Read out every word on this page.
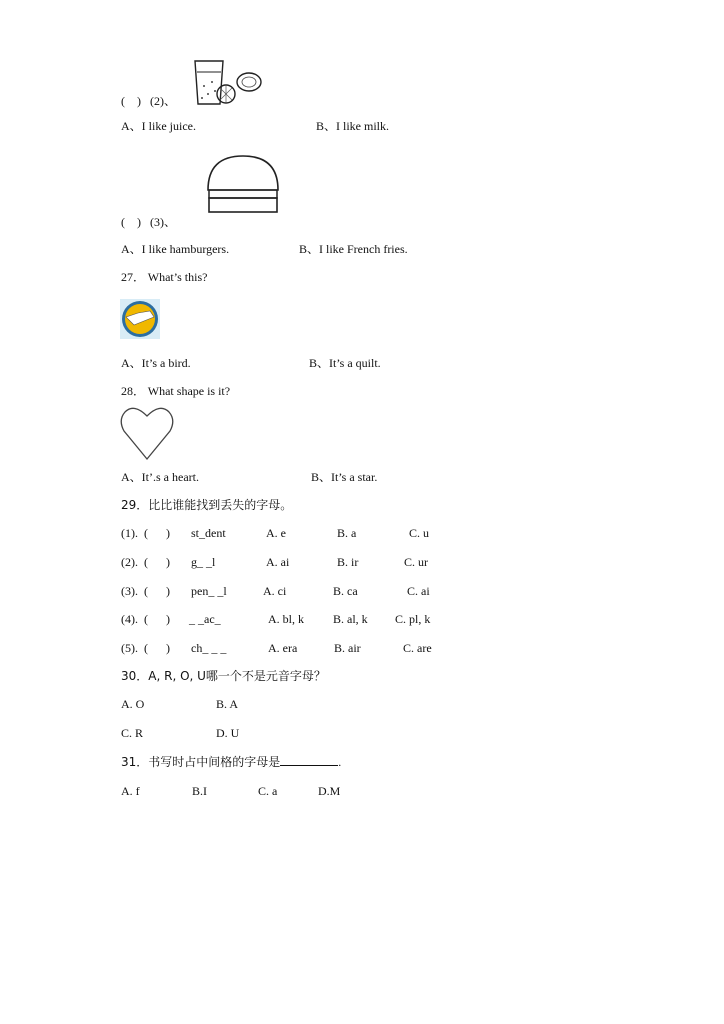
(    ) (2)、
A、I like juice.	B、I like milk.
(    ) (3)、
A、I like hamburgers.	B、I like French fries.
27． What’s this?
A、It’s a bird.	B、It’s a quilt.
28． What shape is it?
A、It’.s a heart.	B、It’s a star.
29．比比谁能找到丢失的字母。
(1). (      ) st_dent	A. e	B. a	C. u
(2). (      ) g_ _l	A. ai	B. ir	C. ur
(3). (      ) pen_ _l	A. ci	B. ca	C. ai
(4). (      ) _ _ac_	A. bl, k B. al, k C. pl, k
(5). (      ) ch_ _ _	A. era	B. air	C. are
30．A, R, O, U哪一个不是元音字母？
A. O	B. A
C. R	D. U
31．书写时占中间格的字母是	.
A. f	B.I	C. a	D.M
